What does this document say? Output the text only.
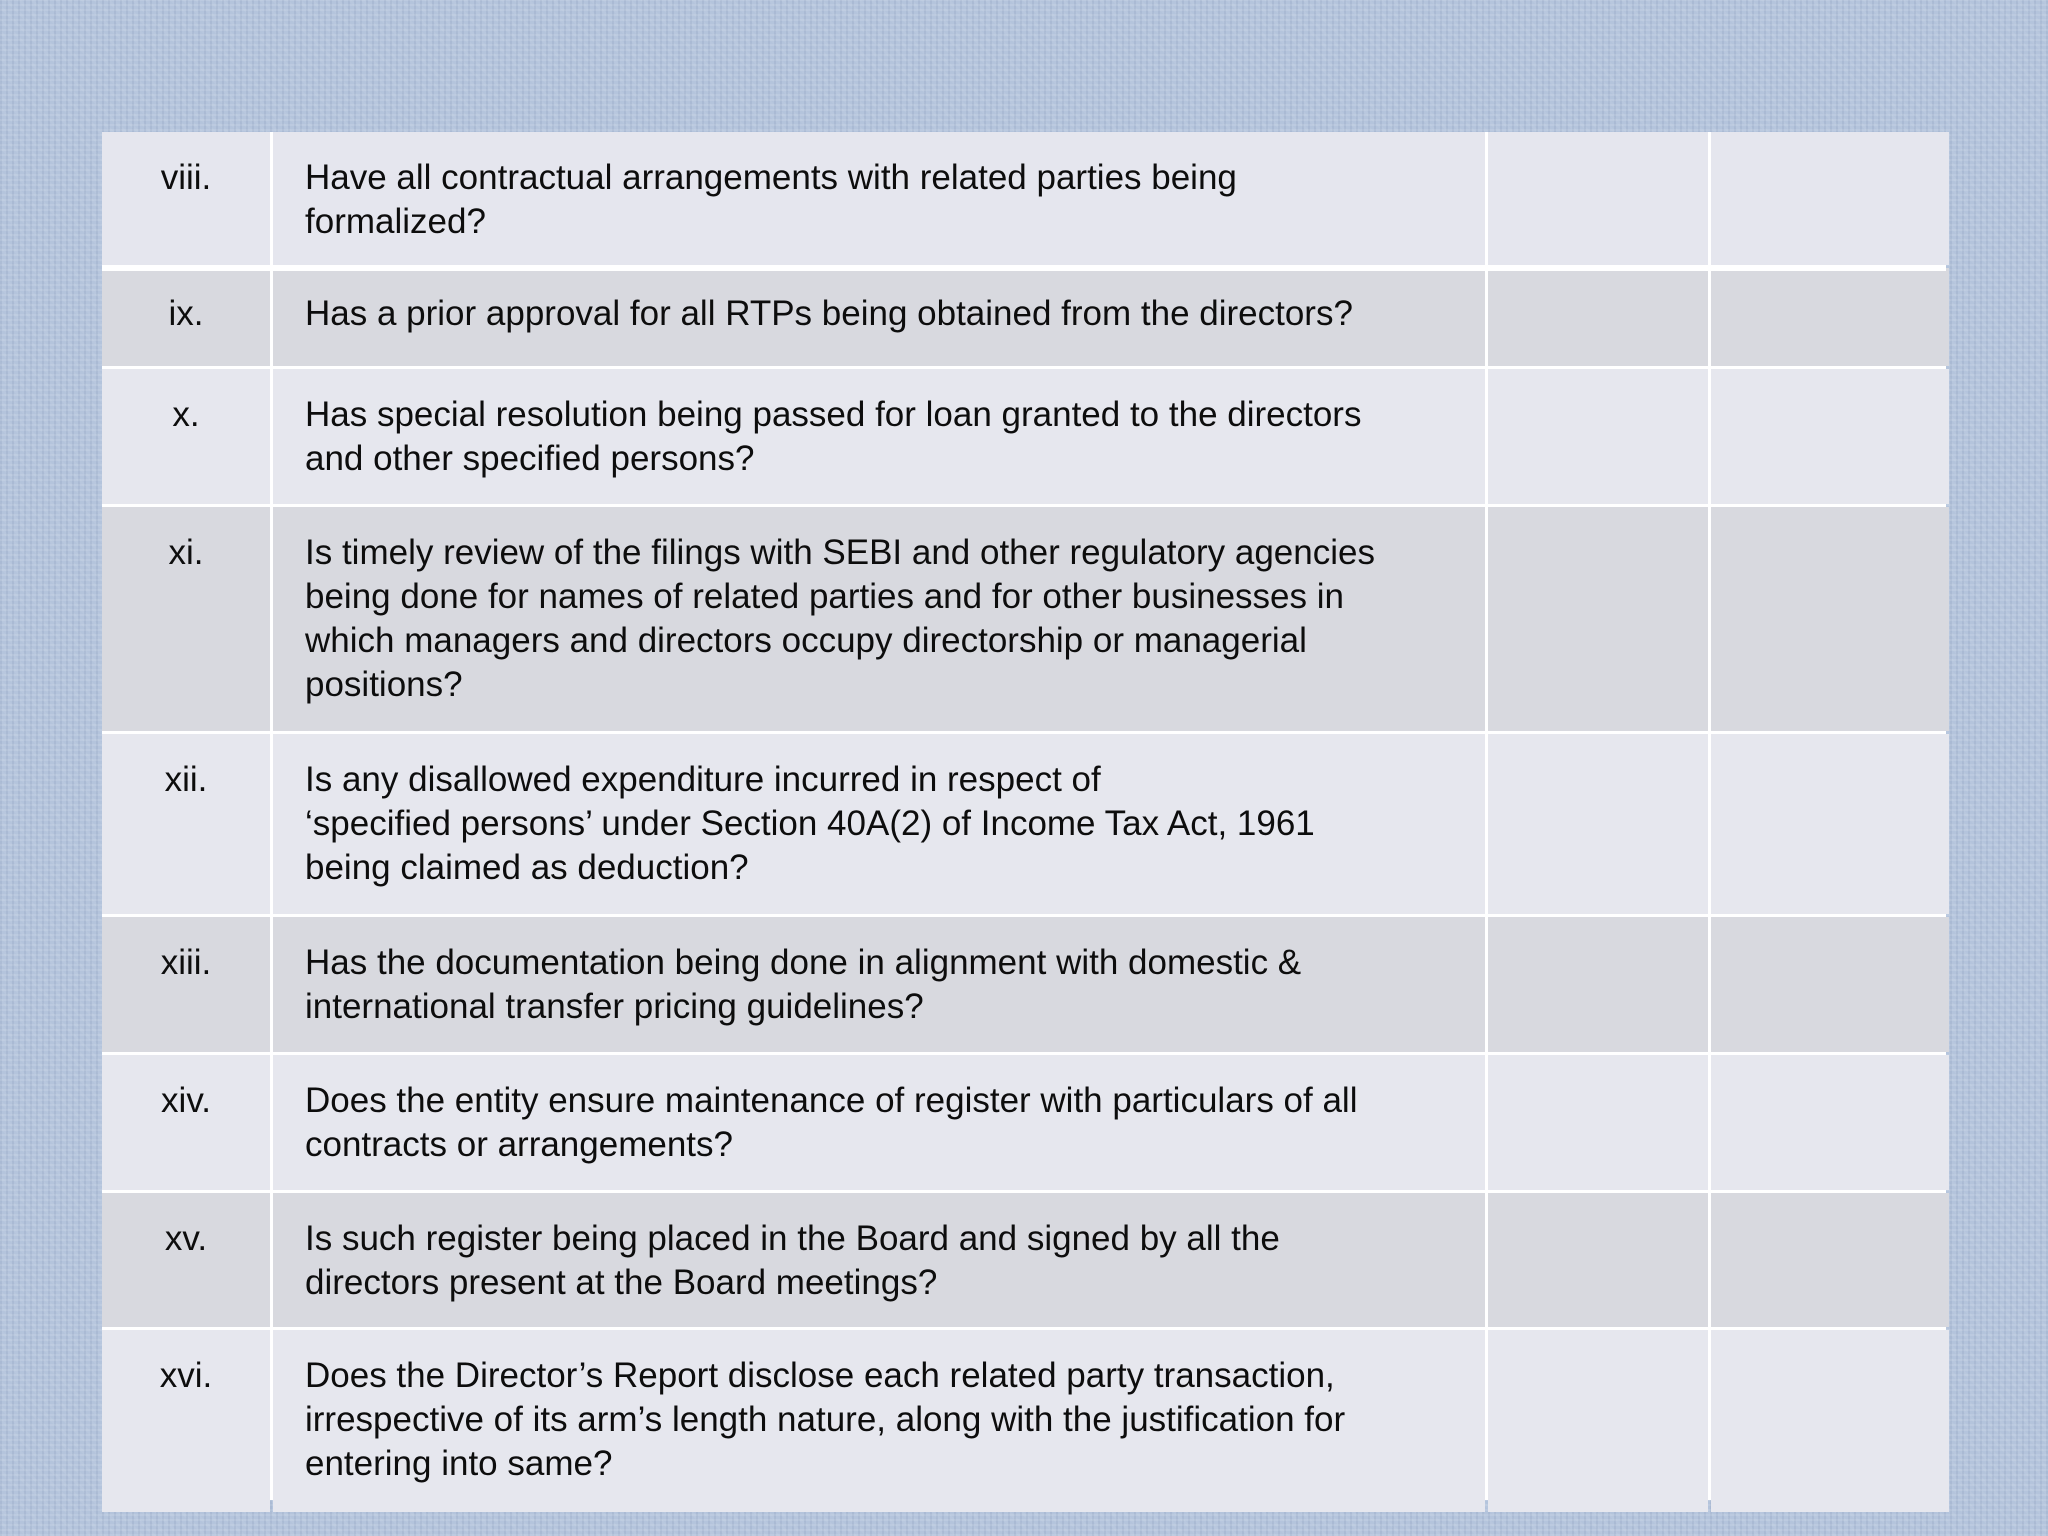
viii.	Have all contractual arrangements with related parties being
formalized?
ix.	Has a prior approval for all RTPs being obtained from the directors?
x.	Has special resolution being passed for loan granted to the directors
and other specified persons?
xi.	Is timely review of the filings with SEBI and other regulatory agencies
being done for names of related parties and for other businesses in
which managers and directors occupy directorship or managerial
positions?
xii.	Is any disallowed expenditure incurred in respect of
‘specified persons’ under Section 40A(2) of Income Tax Act, 1961
being claimed as deduction?
xiii.	Has the documentation being done in alignment with domestic &
international transfer pricing guidelines?
xiv.	Does the entity ensure maintenance of register with particulars of all
contracts or arrangements?
xv.	Is such register being placed in the Board and signed by all the
directors present at the Board meetings?
xvi.	Does the Director’s Report disclose each related party transaction,
irrespective of its arm’s length nature, along with the justification for
entering into same?
